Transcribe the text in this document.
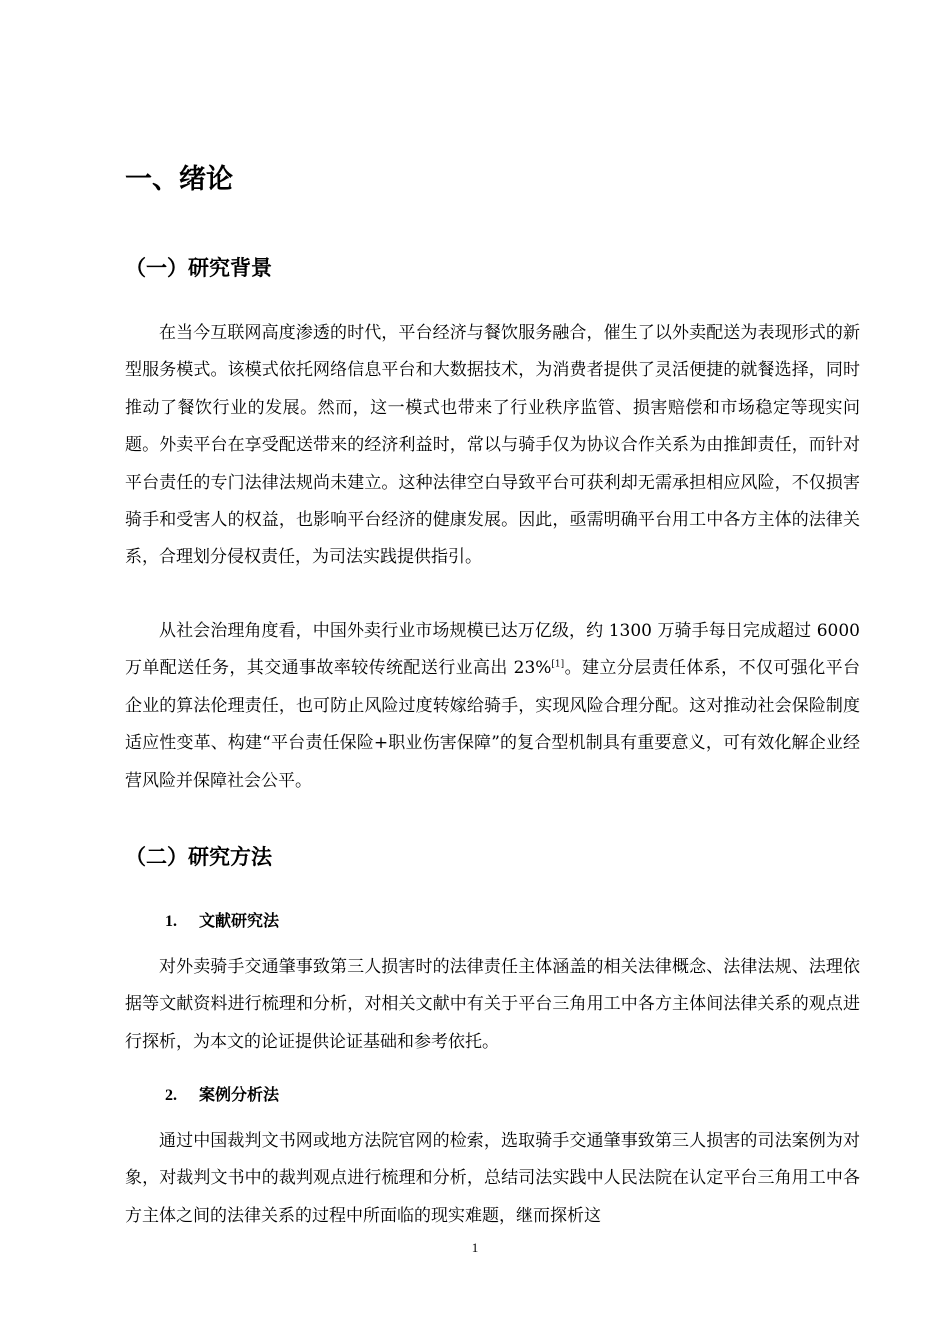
一、绪论
（一）研究背景

在当今互联网高度渗透的时代，平台经济与餐饮服务融合，催生了以外卖配送为表现形式的新型服务模式。该模式依托网络信息平台和大数据技术，为消费者提供了灵活便捷的就餐选择，同时推动了餐饮行业的发展。然而，这一模式也带来了行业秩序监管、损害赔偿和市场稳定等现实问题。外卖平台在享受配送带来的经济利益时，常以与骑手仅为协议合作关系为由推卸责任，而针对平台责任的专门法律法规尚未建立。这种法律空白导致平台可获利却无需承担相应风险，不仅损害骑手和受害人的权益，也影响平台经济的健康发展。因此，亟需明确平台用工中各方主体的法律关系，合理划分侵权责任，为司法实践提供指引。

从社会治理角度看，中国外卖行业市场规模已达万亿级，约 1300 万骑手每日完成超过 6000 万单配送任务，其交通事故率较传统配送行业高出 23%[1]。建立分层责任体系，不仅可强化平台企业的算法伦理责任，也可防止风险过度转嫁给骑手，实现风险合理分配。这对推动社会保险制度适应性变革、构建“平台责任保险+职业伤害保障”的复合型机制具有重要意义，可有效化解企业经营风险并保障社会公平。

（二）研究方法
1. 文献研究法

对外卖骑手交通肇事致第三人损害时的法律责任主体涵盖的相关法律概念、法律法规、法理依据等文献资料进行梳理和分析，对相关文献中有关于平台三角用工中各方主体间法律关系的观点进行探析，为本文的论证提供论证基础和参考依托。

2. 案例分析法

通过中国裁判文书网或地方法院官网的检索，选取骑手交通肇事致第三人损害的司法案例为对象，对裁判文书中的裁判观点进行梳理和分析，总结司法实践中人民法院在认定平台三角用工中各方主体之间的法律关系的过程中所面临的现实难题，继而探析这

1
